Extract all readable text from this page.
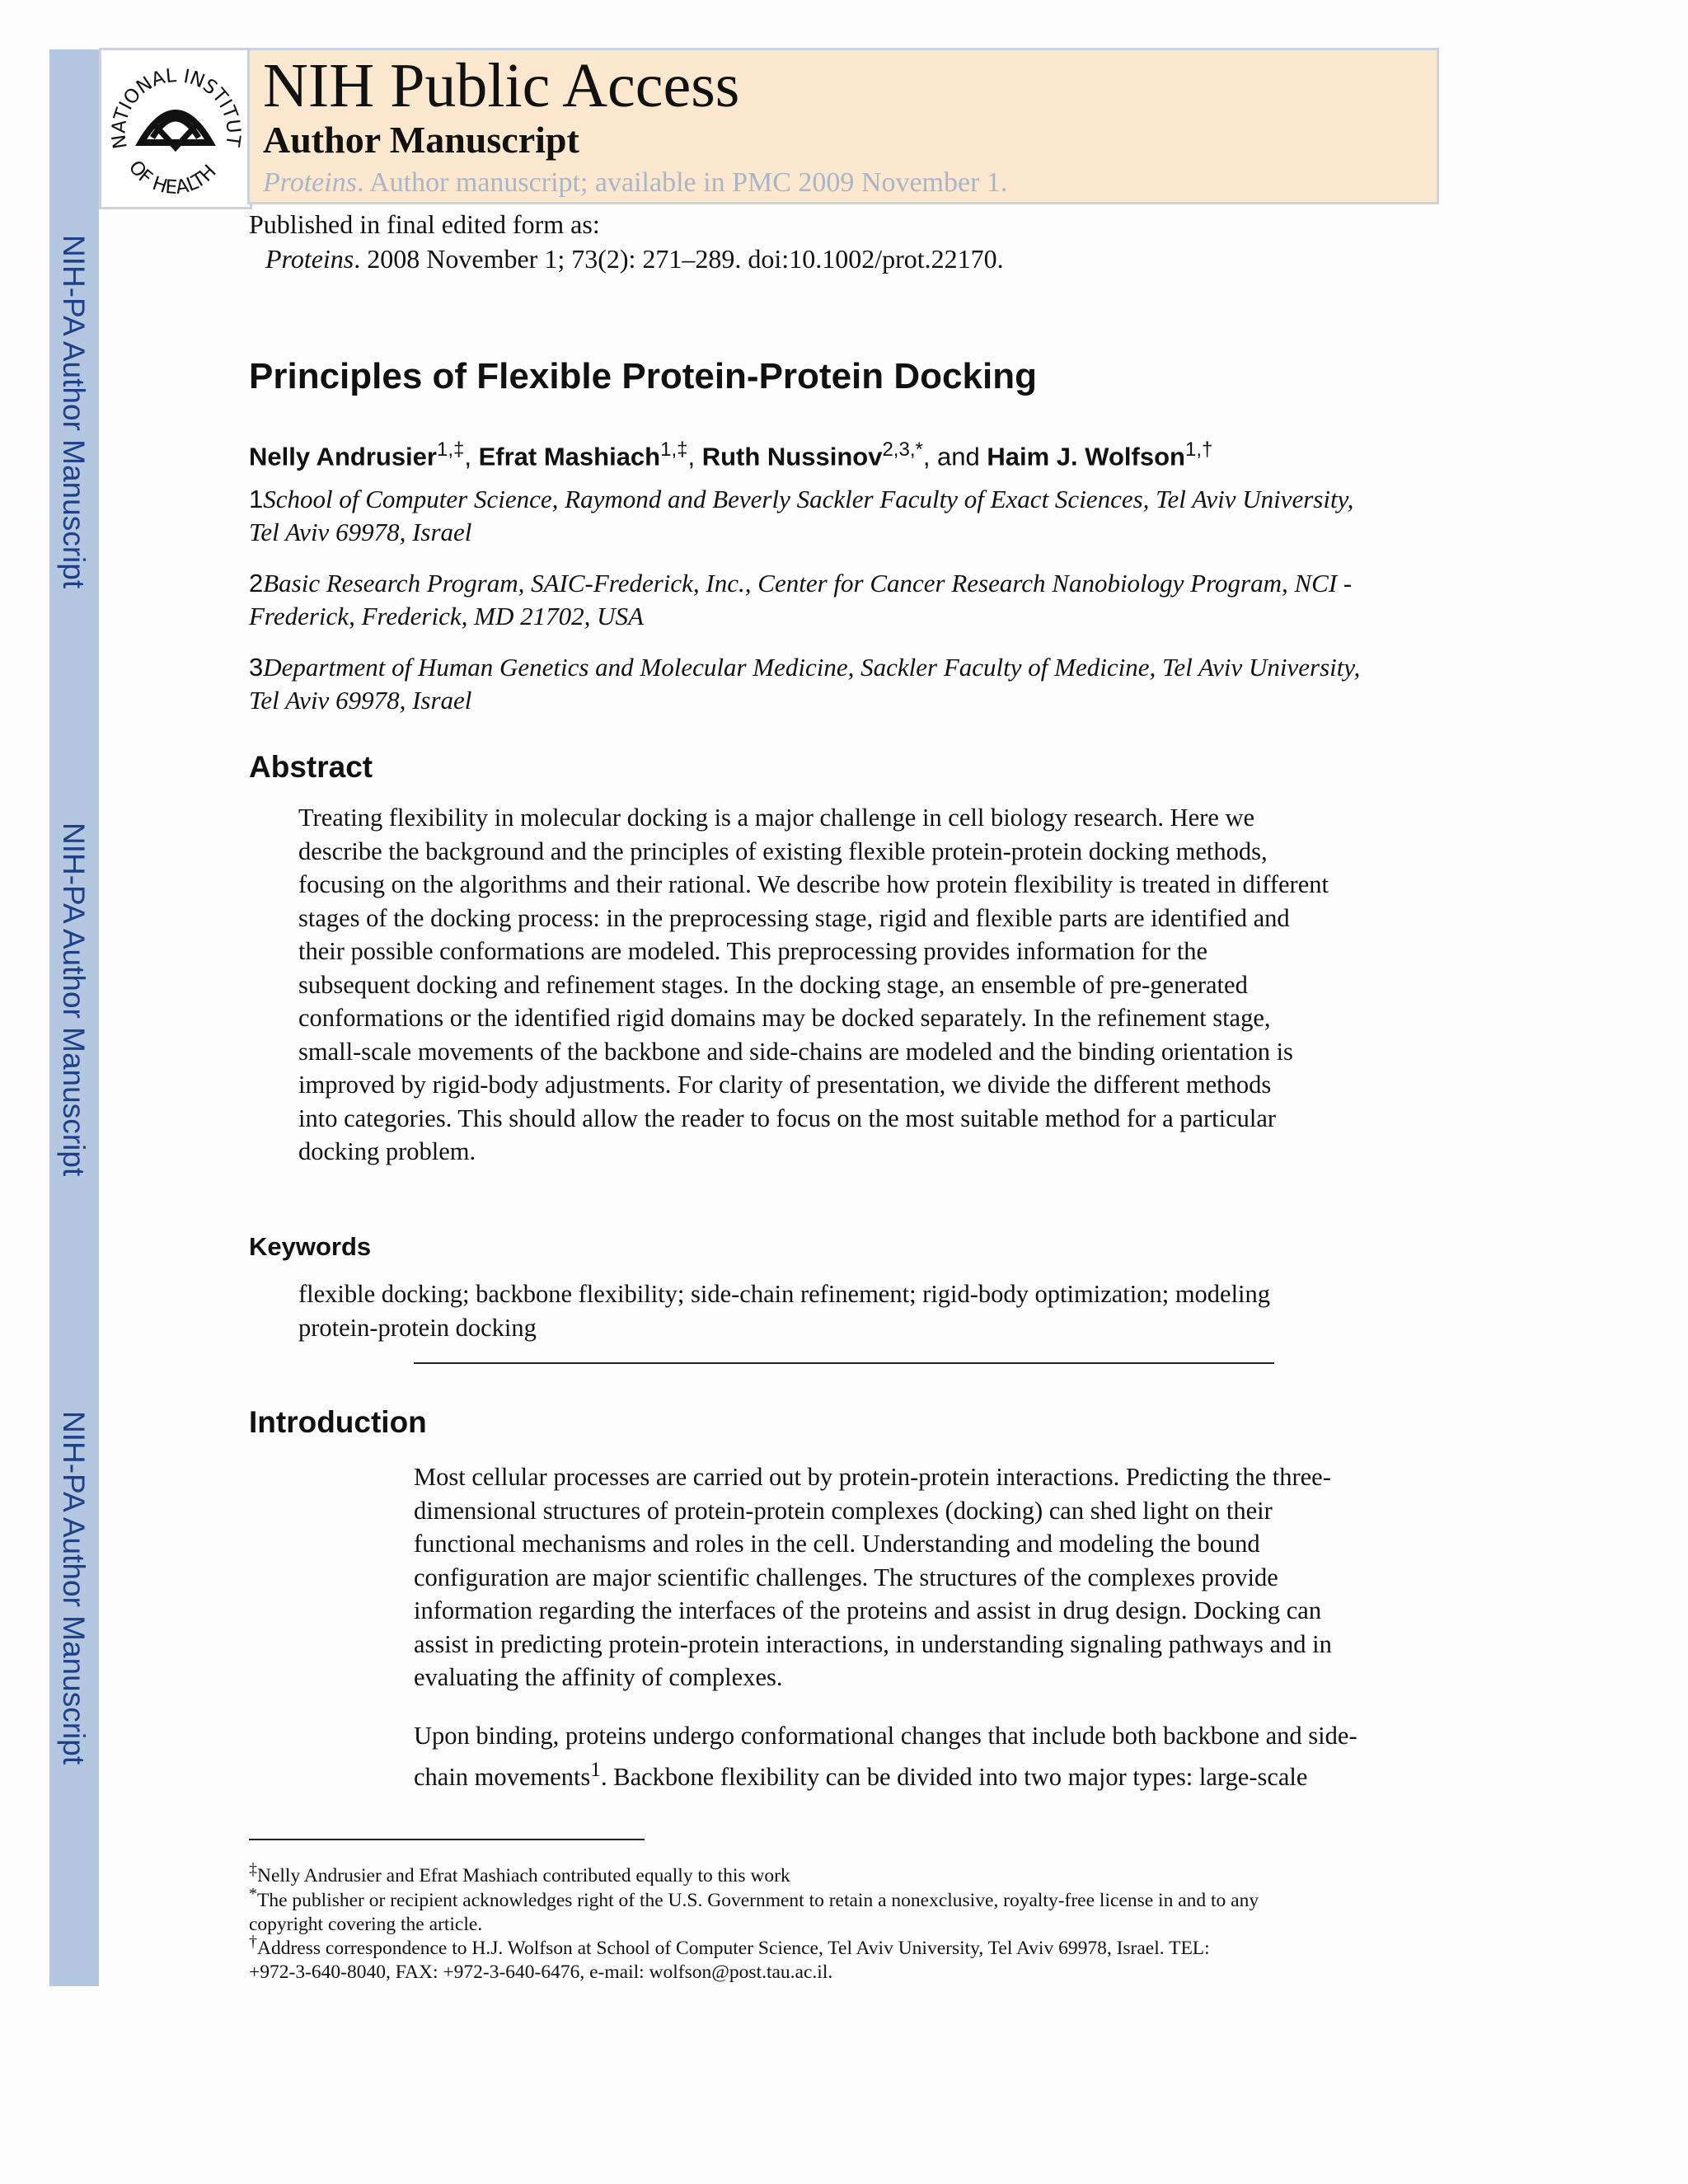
NIH-PA Author Manuscript
NIH-PA Author Manuscript
NIH-PA Author Manuscript
NATIONAL INSTITUT
OF HEALTH
NIH Public Access
Author Manuscript
Proteins. Author manuscript; available in PMC 2009 November 1.
Published in final edited form as:
Proteins. 2008 November 1; 73(2): 271–289. doi:10.1002/prot.22170.
Principles of Flexible Protein-Protein Docking
Nelly Andrusier$^{1,\ddagger}$, Efrat Mashiach$^{1,\ddagger}$, Ruth Nussinov$^{2,3,*}$, and Haim J. Wolfson$^{1,\dagger}$
1School of Computer Science, Raymond and Beverly Sackler Faculty of Exact Sciences, Tel Aviv University,
Tel Aviv 69978, Israel
2Basic Research Program, SAIC-Frederick, Inc., Center for Cancer Research Nanobiology Program, NCI -
Frederick, Frederick, MD 21702, USA
3Department of Human Genetics and Molecular Medicine, Sackler Faculty of Medicine, Tel Aviv University,
Tel Aviv 69978, Israel
Abstract
Treating flexibility in molecular docking is a major challenge in cell biology research. Here we
describe the background and the principles of existing flexible protein-protein docking methods,
focusing on the algorithms and their rational. We describe how protein flexibility is treated in different
stages of the docking process: in the preprocessing stage, rigid and flexible parts are identified and
their possible conformations are modeled. This preprocessing provides information for the
subsequent docking and refinement stages. In the docking stage, an ensemble of pre-generated
conformations or the identified rigid domains may be docked separately. In the refinement stage,
small-scale movements of the backbone and side-chains are modeled and the binding orientation is
improved by rigid-body adjustments. For clarity of presentation, we divide the different methods
into categories. This should allow the reader to focus on the most suitable method for a particular
docking problem.
Keywords
flexible docking; backbone flexibility; side-chain refinement; rigid-body optimization; modeling
protein-protein docking
Introduction
Most cellular processes are carried out by protein-protein interactions. Predicting the three-
dimensional structures of protein-protein complexes (docking) can shed light on their
functional mechanisms and roles in the cell. Understanding and modeling the bound
configuration are major scientific challenges. The structures of the complexes provide
information regarding the interfaces of the proteins and assist in drug design. Docking can
assist in predicting protein-protein interactions, in understanding signaling pathways and in
evaluating the affinity of complexes.
Upon binding, proteins undergo conformational changes that include both backbone and side-
chain movements$^1$. Backbone flexibility can be divided into two major types: large-scale
‡Nelly Andrusier and Efrat Mashiach contributed equally to this work
*The publisher or recipient acknowledges right of the U.S. Government to retain a nonexclusive, royalty-free license in and to any
copyright covering the article.
†Address correspondence to H.J. Wolfson at School of Computer Science, Tel Aviv University, Tel Aviv 69978, Israel. TEL:
+972-3-640-8040, FAX: +972-3-640-6476, e-mail: wolfson@post.tau.ac.il.
